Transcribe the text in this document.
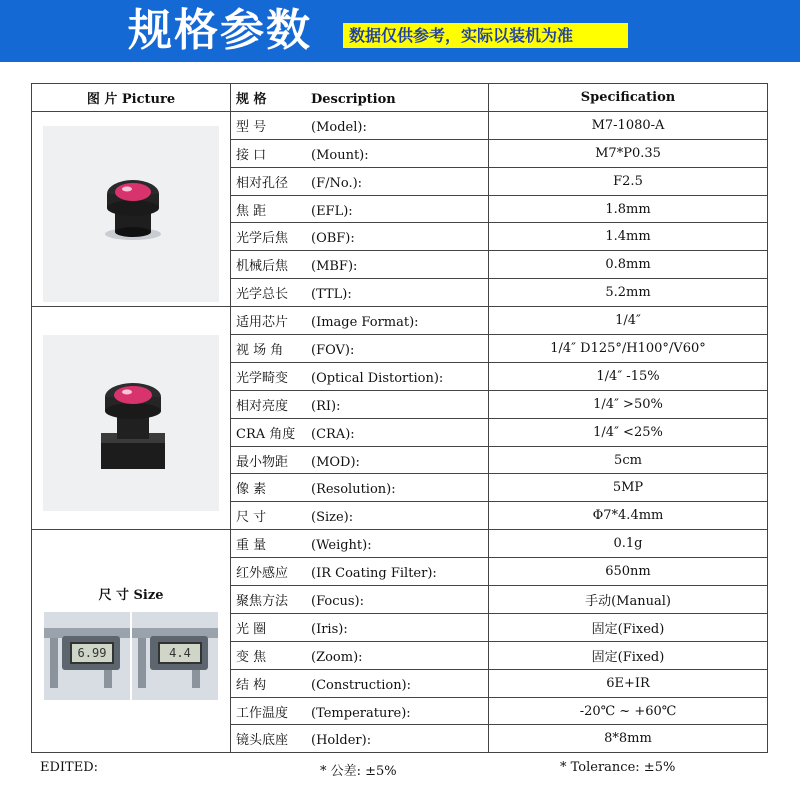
规格参数	数据仅供参考，实际以装机为准
图 片 Picture	规 格 Description	Specification

	型 号 (Model):	M7-1080-A
	接 口 (Mount):	M7*P0.35
	相对孔径 (F/No.):	F2.5
	焦 距 (EFL):	1.8mm
	光学后焦 (OBF):	1.4mm
	机械后焦 (MBF):	0.8mm
	光学总长 (TTL):	5.2mm

	适用芯片 (Image Format):	1/4″
	视 场 角 (FOV):	1/4″ D125°/H100°/V60°
	光学畸变 (Optical Distortion):	1/4″ -15%
	相对亮度 (RI):	1/4″ >50%
	CRA 角度 (CRA):	1/4″ <25%
	最小物距 (MOD):	5cm
	像 素 (Resolution):	5MP
	尺 寸 (Size):	Φ7*4.4mm

尺 寸 Size
6.99 4.4	重 量 (Weight):	0.1g
	红外感应 (IR Coating Filter):	650nm
	聚焦方法 (Focus):	手动(Manual)
	光 圈 (Iris):	固定(Fixed)
	变 焦 (Zoom):	固定(Fixed)
	结 构 (Construction):	6E+IR
	工作温度 (Temperature):	-20℃ ~ +60℃
	镜头底座 (Holder):	8*8mm
EDITED:	* 公差: ±5%	* Tolerance: ±5%
